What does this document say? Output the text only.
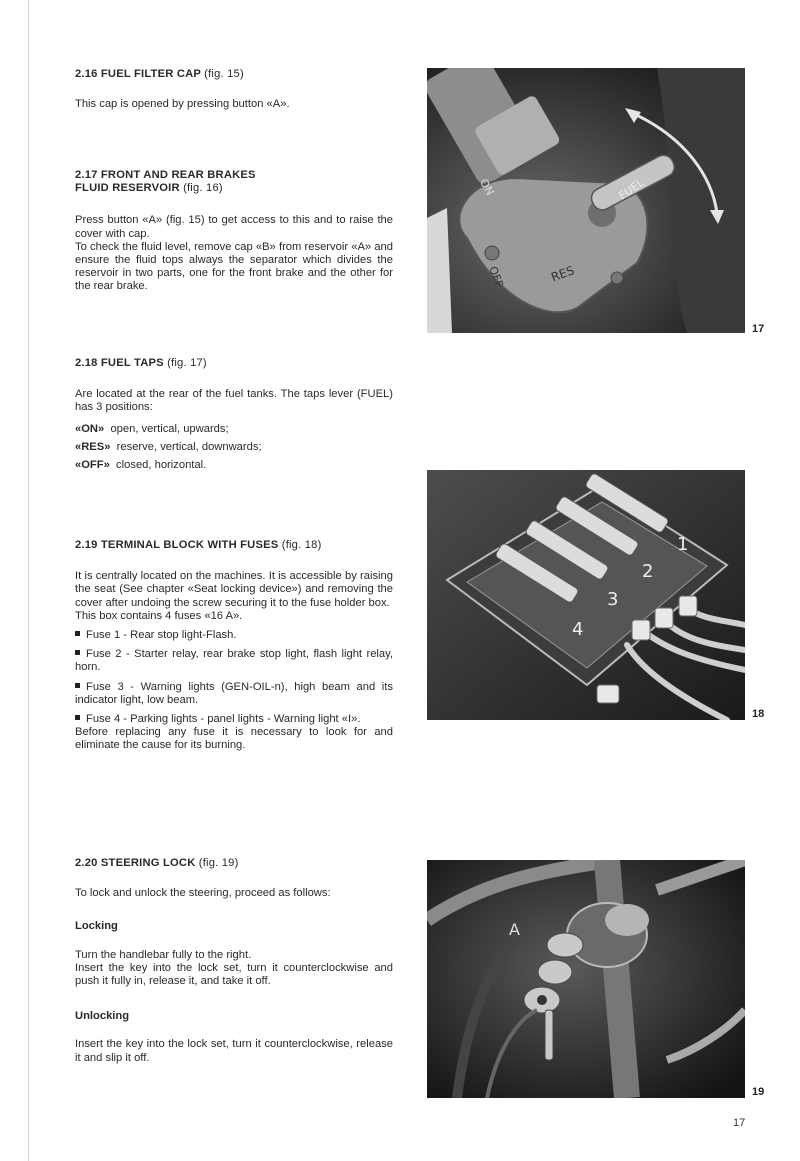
2.16 FUEL FILTER CAP (fig. 15)

This cap is opened by pressing button «A».

2.17 FRONT AND REAR BRAKES

FLUID RESERVOIR (fig. 16)

Press button «A» (fig. 15) to get access to this and to raise the cover with cap.

To check the fluid level, remove cap «B» from reservoir «A» and ensure the fluid tops always the separator which divides the reservoir in two parts, one for the front brake and the other for the rear brake.

2.18 FUEL TAPS (fig. 17)

Are located at the rear of the fuel tanks. The taps lever (FUEL) has 3 positions:

«ON» open, vertical, upwards;

«RES» reserve, vertical, downwards;

«OFF» closed, horizontal.

2.19 TERMINAL BLOCK WITH FUSES (fig. 18)

It is centrally located on the machines. It is accessible by raising the seat (See chapter «Seat locking device») and removing the cover after undoing the screw securing it to the fuse holder box.

This box contains 4 fuses «16 A».

Fuse 1 - Rear stop light-Flash.

Fuse 2 - Starter relay, rear brake stop light, flash light relay, horn.

Fuse 3 - Warning lights (GEN-OIL-n), high beam and its indicator light, low beam.

Fuse 4 - Parking lights - panel lights - Warning light «I».

Before replacing any fuse it is necessary to look for and eliminate the cause for its burning.

2.20 STEERING LOCK (fig. 19)

To lock and unlock the steering, proceed as follows:

Locking

Turn the handlebar fully to the right.

Insert the key into the lock set, turn it counterclockwise and push it fully in, release it, and take it off.

Unlocking

Insert the key into the lock set, turn it counterclockwise, release it and slip it off.

FUEL
ON
RES
OFF
17
1
2
3
4
18
A
19
17
